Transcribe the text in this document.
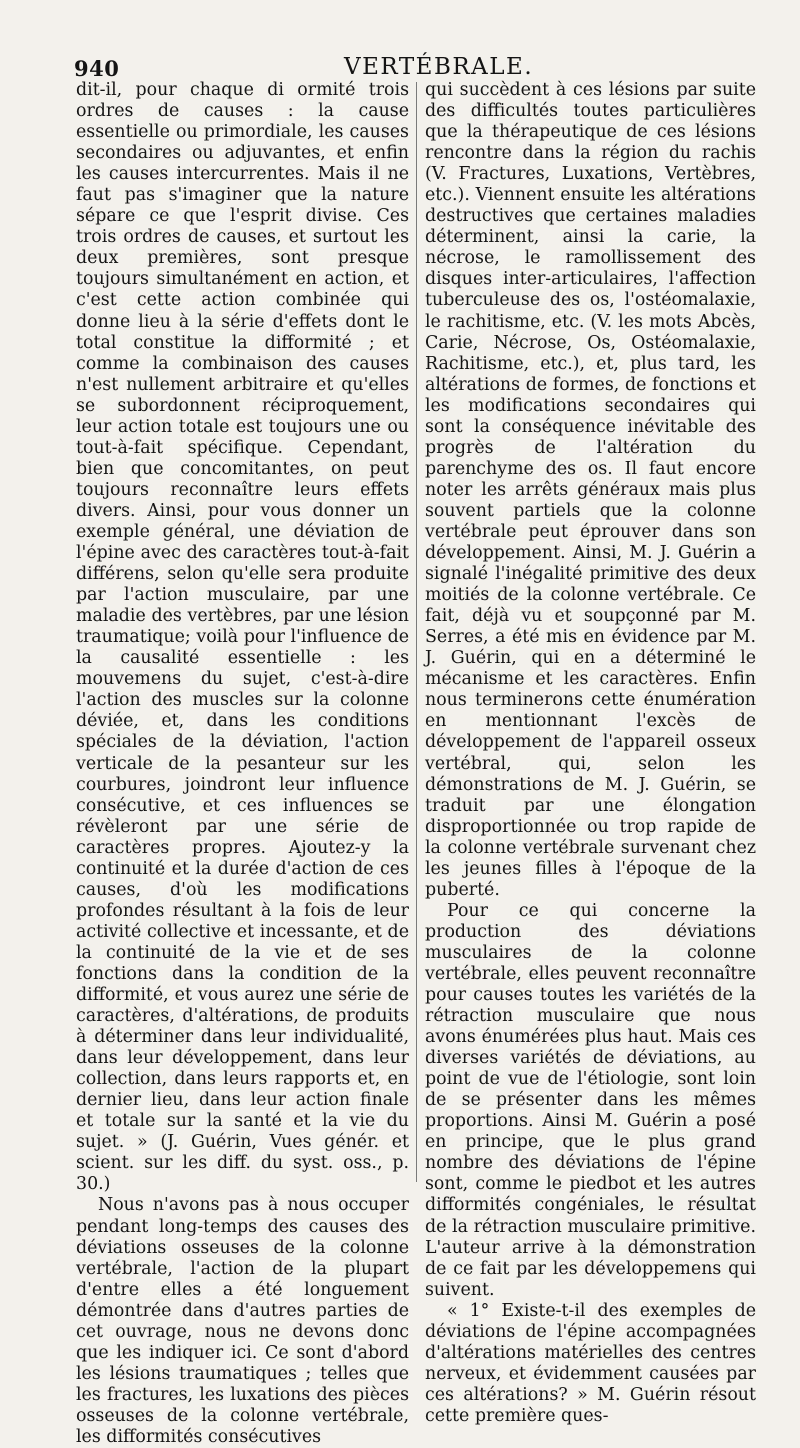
940	VERTÉBRALE.

dit-il, pour chaque di ormité trois ordres de causes : la cause essentielle ou primordiale, les causes secondaires ou adjuvantes, et enfin les causes intercurrentes. Mais il ne faut pas s'imaginer que la nature sépare ce que l'esprit divise. Ces trois ordres de causes, et surtout les deux premières, sont presque toujours simultanément en action, et c'est cette action combinée qui donne lieu à la série d'effets dont le total constitue la difformité ; et comme la combinaison des causes n'est nullement arbitraire et qu'elles se subordonnent réciproquement, leur action totale est toujours une ou tout-à-fait spécifique. Cependant, bien que concomitantes, on peut toujours reconnaître leurs effets divers. Ainsi, pour vous donner un exemple général, une déviation de l'épine avec des caractères tout-à-fait différens, selon qu'elle sera produite par l'action musculaire, par une maladie des vertèbres, par une lésion traumatique; voilà pour l'influence de la causalité essentielle : les mouvemens du sujet, c'est-à-dire l'action des muscles sur la colonne déviée, et, dans les conditions spéciales de la déviation, l'action verticale de la pesanteur sur les courbures, joindront leur influence consécutive, et ces influences se révèleront par une série de caractères propres. Ajoutez-y la continuité et la durée d'action de ces causes, d'où les modifications profondes résultant à la fois de leur activité collective et incessante, et de la continuité de la vie et de ses fonctions dans la condition de la difformité, et vous aurez une série de caractères, d'altérations, de produits à déterminer dans leur individualité, dans leur développement, dans leur collection, dans leurs rapports et, en dernier lieu, dans leur action finale et totale sur la santé et la vie du sujet. » (J. Guérin, Vues génér. et scient. sur les diff. du syst. oss., p. 30.)

Nous n'avons pas à nous occuper pendant long-temps des causes des déviations osseuses de la colonne vertébrale, l'action de la plupart d'entre elles a été longuement démontrée dans d'autres parties de cet ouvrage, nous ne devons donc que les indiquer ici. Ce sont d'abord les lésions traumatiques ; telles que les fractures, les luxations des pièces osseuses de la colonne vertébrale, les difformités consécutives

qui succèdent à ces lésions par suite des difficultés toutes particulières que la thérapeutique de ces lésions rencontre dans la région du rachis (V. Fractures, Luxations, Vertèbres, etc.). Viennent ensuite les altérations destructives que certaines maladies déterminent, ainsi la carie, la nécrose, le ramollissement des disques inter-articulaires, l'affection tuberculeuse des os, l'ostéomalaxie, le rachitisme, etc. (V. les mots Abcès, Carie, Nécrose, Os, Ostéomalaxie, Rachitisme, etc.), et, plus tard, les altérations de formes, de fonctions et les modifications secondaires qui sont la conséquence inévitable des progrès de l'altération du parenchyme des os. Il faut encore noter les arrêts généraux mais plus souvent partiels que la colonne vertébrale peut éprouver dans son développement. Ainsi, M. J. Guérin a signalé l'inégalité primitive des deux moitiés de la colonne vertébrale. Ce fait, déjà vu et soupçonné par M. Serres, a été mis en évidence par M. J. Guérin, qui en a déterminé le mécanisme et les caractères. Enfin nous terminerons cette énumération en mentionnant l'excès de développement de l'appareil osseux vertébral, qui, selon les démonstrations de M. J. Guérin, se traduit par une élongation disproportionnée ou trop rapide de la colonne vertébrale survenant chez les jeunes filles à l'époque de la puberté.

Pour ce qui concerne la production des déviations musculaires de la colonne vertébrale, elles peuvent reconnaître pour causes toutes les variétés de la rétraction musculaire que nous avons énumérées plus haut. Mais ces diverses variétés de déviations, au point de vue de l'étiologie, sont loin de se présenter dans les mêmes proportions. Ainsi M. Guérin a posé en principe, que le plus grand nombre des déviations de l'épine sont, comme le piedbot et les autres difformités congéniales, le résultat de la rétraction musculaire primitive. L'auteur arrive à la démonstration de ce fait par les développemens qui suivent.

« 1° Existe-t-il des exemples de déviations de l'épine accompagnées d'altérations matérielles des centres nerveux, et évidemment causées par ces altérations? » M. Guérin résout cette première ques-
